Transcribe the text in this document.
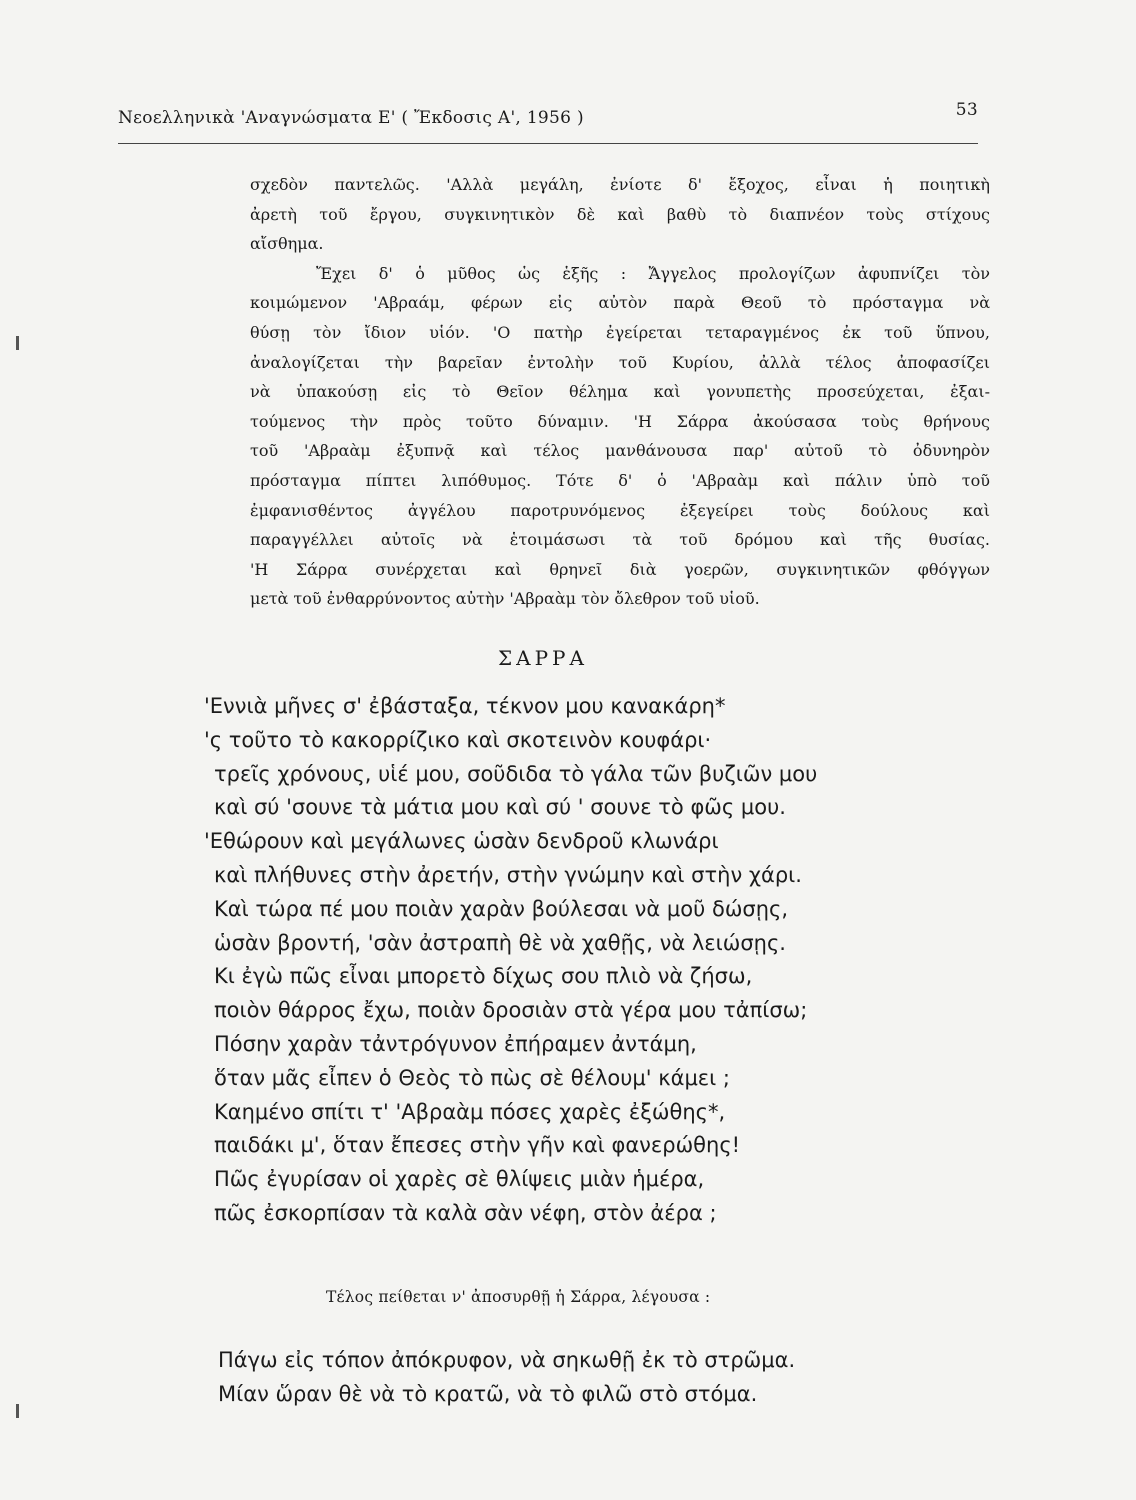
Νεοελληνικὰ 'Αναγνώσματα Ε' ( Ἔκδοσις Α', 1956 )	53

σχεδὸν παντελῶς. 'Αλλὰ μεγάλη, ἐνίοτε δ' ἔξοχος, εἶναι ἡ ποιητικὴ

ἀρετὴ τοῦ ἔργου, συγκινητικὸν δὲ καὶ βαθὺ τὸ διαπνέον τοὺς στίχους

αἴσθημα.

Ἔχει δ' ὁ μῦθος ὡς ἑξῆς : Ἄγγελος προλογίζων ἀφυπνίζει τὸν

κοιμώμενον 'Αβραάμ, φέρων εἰς αὐτὸν παρὰ Θεοῦ τὸ πρόσταγμα νὰ

θύσῃ τὸν ἴδιον υἱόν. 'Ο πατὴρ ἐγείρεται τεταραγμένος ἐκ τοῦ ὕπνου,

ἀναλογίζεται τὴν βαρεῖαν ἐντολὴν τοῦ Κυρίου, ἀλλὰ τέλος ἀποφασίζει

νὰ ὑπακούσῃ εἰς τὸ Θεῖον θέλημα καὶ γονυπετὴς προσεύχεται, ἐξαι-

τούμενος τὴν πρὸς τοῦτο δύναμιν. 'Η Σάρρα ἀκούσασα τοὺς θρήνους

τοῦ 'Αβραὰμ ἐξυπνᾷ καὶ τέλος μανθάνουσα παρ' αὐτοῦ τὸ ὀδυνηρὸν

πρόσταγμα πίπτει λιπόθυμος. Τότε δ' ὁ 'Αβραὰμ καὶ πάλιν ὑπὸ τοῦ

ἐμφανισθέντος ἀγγέλου παροτρυνόμενος ἐξεγείρει τοὺς δούλους καὶ

παραγγέλλει αὐτοῖς νὰ ἑτοιμάσωσι τὰ τοῦ δρόμου καὶ τῆς θυσίας.

'Η Σάρρα συνέρχεται καὶ θρηνεῖ διὰ γοερῶν, συγκινητικῶν φθόγγων

μετὰ τοῦ ἐνθαρρύνοντος αὐτὴν 'Αβραὰμ τὸν ὄλεθρον τοῦ υἱοῦ.

ΣΑΡΡΑ
'Εννιὰ μῆνες σ' ἐβάσταξα, τέκνον μου κανακάρη*
'ς τοῦτο τὸ κακορρίζικο καὶ σκοτεινὸν κουφάρι·
τρεῖς χρόνους, υἱέ μου, σοῦδιδα τὸ γάλα τῶν βυζιῶν μου
καὶ σύ 'σουνε τὰ μάτια μου καὶ σύ ' σουνε τὸ φῶς μου.
'Εθώρουν καὶ μεγάλωνες ὡσὰν δενδροῦ κλωνάρι
καὶ πλήθυνες στὴν ἀρετήν, στὴν γνώμην καὶ στὴν χάρι.
Καὶ τώρα πέ μου ποιὰν χαρὰν βούλεσαι νὰ μοῦ δώσῃς,
ὡσὰν βροντή, 'σὰν ἀστραπὴ θὲ νὰ χαθῇς, νὰ λειώσῃς.
Κι ἐγὼ πῶς εἶναι μπορετὸ δίχως σου πλιὸ νὰ ζήσω,
ποιὸν θάρρος ἔχω, ποιὰν δροσιὰν στὰ γέρα μου τἀπίσω;
Πόσην χαρὰν τἀντρόγυνον ἐπήραμεν ἀντάμη,
ὅταν μᾶς εἶπεν ὁ Θεὸς τὸ πὼς σὲ θέλουμ' κάμει ;
Καημένο σπίτι τ' 'Αβραὰμ πόσες χαρὲς ἐξώθης*,
παιδάκι μ', ὅταν ἔπεσες στὴν γῆν καὶ φανερώθης!
Πῶς ἐγυρίσαν οἱ χαρὲς σὲ θλίψεις μιὰν ἡμέρα,
πῶς ἐσκορπίσαν τὰ καλὰ σὰν νέφη, στὸν ἀέρα ;
Τέλος πείθεται ν' ἀποσυρθῇ ἡ Σάρρα, λέγουσα :
Πάγω εἰς τόπον ἀπόκρυφον, νὰ σηκωθῇ ἐκ τὸ στρῶμα.
Μίαν ὥραν θὲ νὰ τὸ κρατῶ, νὰ τὸ φιλῶ στὸ στόμα.
